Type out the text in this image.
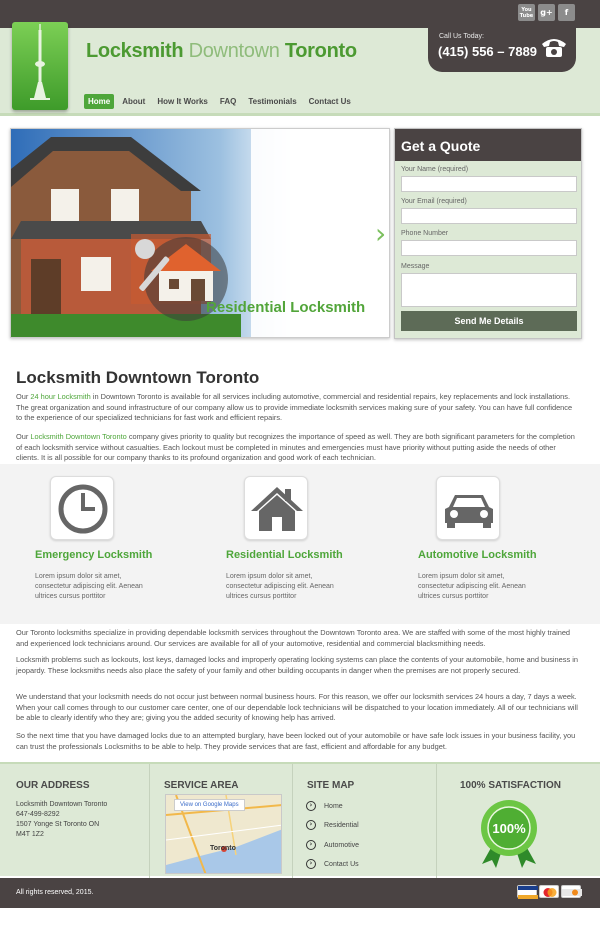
You Tube g+ f
Locksmith Downtown Toronto
Home	About	How It Works	FAQ	Testimonials	Contact Us
Call Us Today:
(415) 556 – 7889
Residential Locksmith
›
Get a Quote
Your Name (required)
Your Email (required)
Phone Number
Message
Send Me Details
Locksmith Downtown Toronto
Our 24 hour Locksmith in Downtown Toronto is available for all services including automotive, commercial and residential repairs, key replacements and lock installations. The great organization and sound infrastructure of our company allow us to provide immediate locksmith services making sure of your safety. You can have full confidence to the experience of our specialized technicians for fast work and efficient repairs.
Our Locksmith Downtown Toronto company gives priority to quality but recognizes the importance of speed as well. They are both significant parameters for the completion of each locksmith service without casualties. Each lockout must be completed in minutes and emergencies must have priority without putting aside the needs of other clients. It is all possible for our company thanks to its profound organization and good work of each technician.
Emergency Locksmith	Residential Locksmith	Automotive Locksmith
Lorem ipsum dolor sit amet, consectetur adipiscing elit. Aenean ultrices cursus porttitor
Lorem ipsum dolor sit amet, consectetur adipiscing elit. Aenean ultrices cursus porttitor
Lorem ipsum dolor sit amet, consectetur adipiscing elit. Aenean ultrices cursus porttitor
Our Toronto locksmiths specialize in providing dependable locksmith services throughout the Downtown Toronto area. We are staffed with some of the most highly trained and experienced lock technicians around. Our services are available for all of your automotive, residential and commercial blacksmithing needs.
Locksmith problems such as lockouts, lost keys, damaged locks and improperly operating locking systems can place the contents of your automobile, home and business in jeopardy. These locksmiths needs also place the safety of your family and other building occupants in danger when the premises are not properly secured.
We understand that your locksmith needs do not occur just between normal business hours. For this reason, we offer our locksmith services 24 hours a day, 7 days a week. When your call comes through to our customer care center, one of our dependable lock technicians will be dispatched to your location immediately. All of our technicians will be able to clearly identify who they are; giving you the added security of knowing help has arrived.
So the next time that you have damaged locks due to an attempted burglary, have been locked out of your automobile or have safe lock issues in your business facility, you can trust the professionals Locksmiths to be able to help. They provide services that are fast, efficient and affordable for any budget.
OUR ADDRESS
Locksmith Downtown Toronto
647-499-8292
1507 Yonge St Toronto ON
M4T 1Z2
SERVICE AREA
View on Google Maps
Toronto
SITE MAP
›	Home
›	Residential
›	Automotive
›	Contact Us
100% SATISFACTION
100%
All rights reserved, 2015.
